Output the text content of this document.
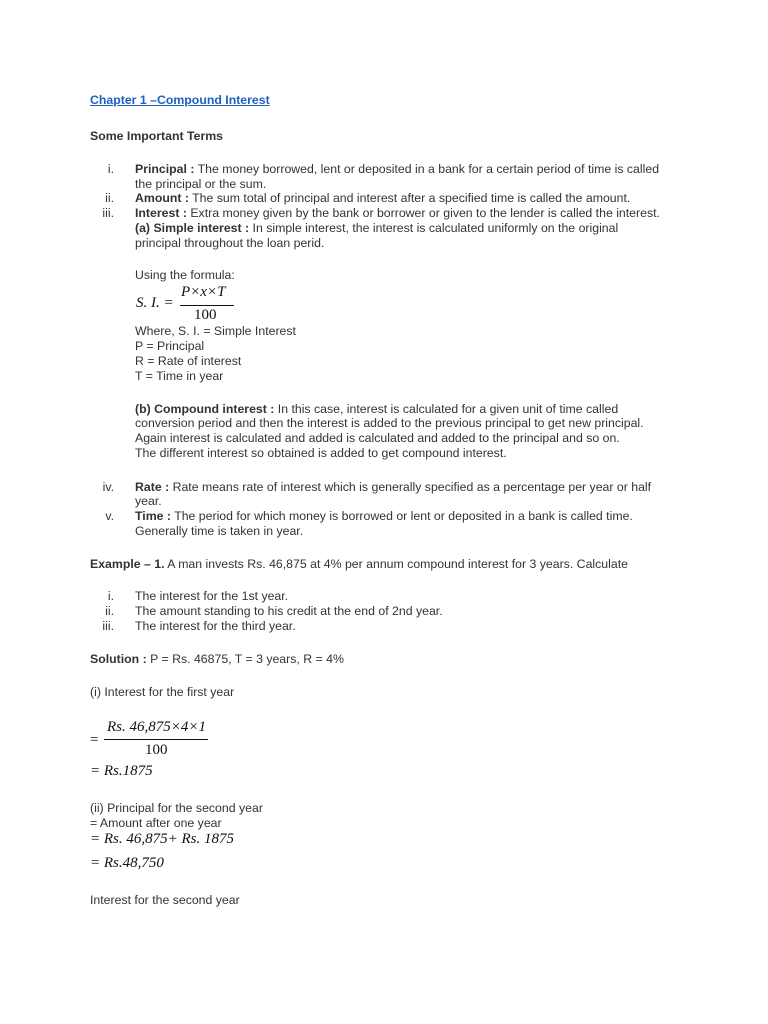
Chapter 1 –Compound Interest
Some Important Terms
i. Principal : The money borrowed, lent or deposited in a bank for a certain period of time is called
the principal or the sum.
ii. Amount : The sum total of principal and interest after a specified time is called the amount.
iii. Interest : Extra money given by the bank or borrower or given to the lender is called the interest.
(a) Simple interest : In simple interest, the interest is calculated uniformly on the original
principal throughout the loan perid.
Using the formula:
S. I. =
P×x×T
100
Where, S. I. = Simple Interest
P = Principal
R = Rate of interest
T = Time in year
(b) Compound interest : In this case, interest is calculated for a given unit of time called
conversion period and then the interest is added to the previous principal to get new principal.
Again interest is calculated and added is calculated and added to the principal and so on.
The different interest so obtained is added to get compound interest.
iv. Rate : Rate means rate of interest which is generally specified as a percentage per year or half
year.
v. Time : The period for which money is borrowed or lent or deposited in a bank is called time.
Generally time is taken in year.
Example – 1. A man invests Rs. 46,875 at 4% per annum compound interest for 3 years. Calculate
i. The interest for the 1st year.
ii. The amount standing to his credit at the end of 2nd year.
iii. The interest for the third year.
Solution : P = Rs. 46875, T = 3 years, R = 4%
(i) Interest for the first year
=
Rs. 46,875×4×1
100
= Rs.1875
(ii) Principal for the second year
= Amount after one year
= Rs. 46,875+ Rs. 1875
= Rs.48,750
Interest for the second year
